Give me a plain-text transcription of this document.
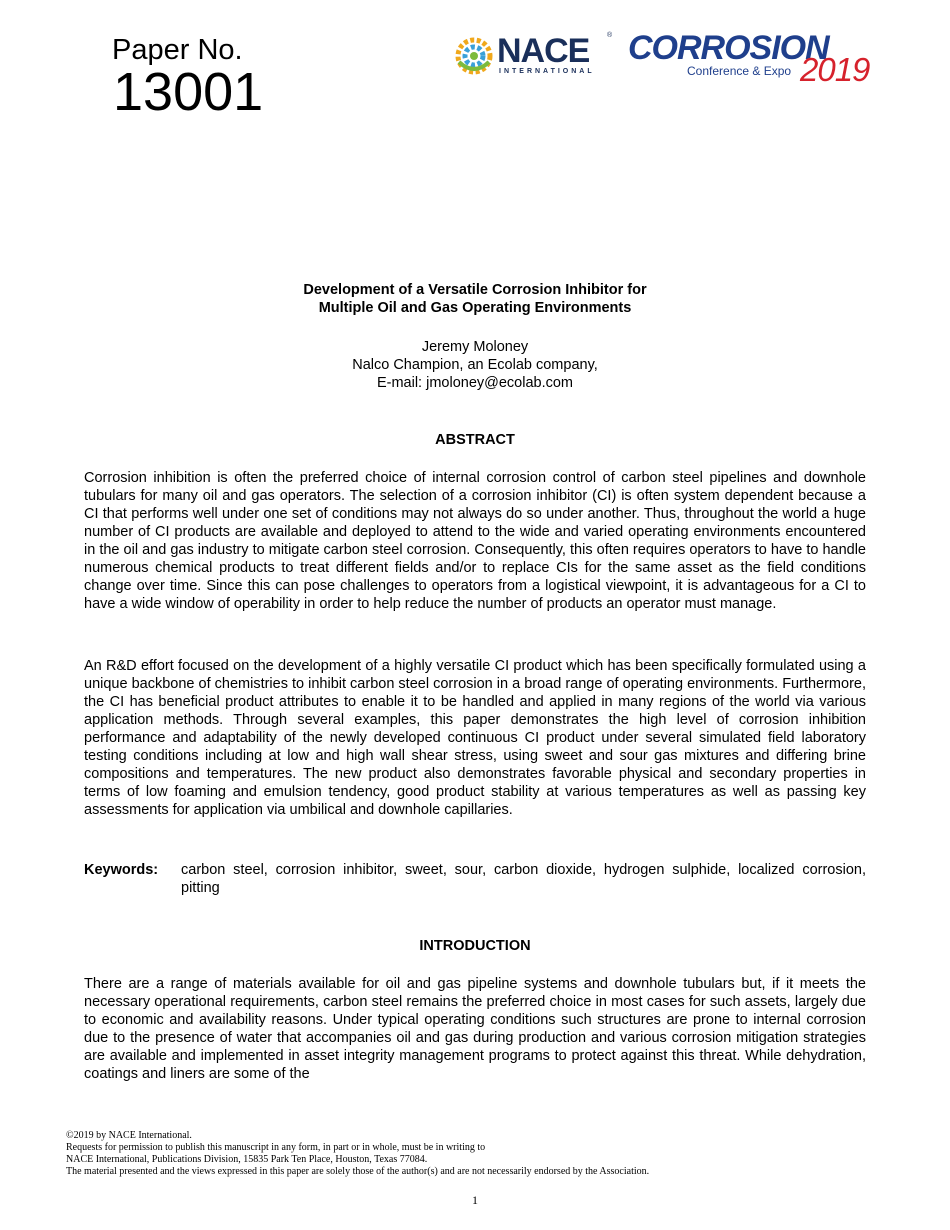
Paper No.
13001
NACE	®
INTERNATIONAL
CORROSION
Conference & Expo 2019
Development of a Versatile Corrosion Inhibitor for
Multiple Oil and Gas Operating Environments
Jeremy Moloney
Nalco Champion, an Ecolab company,
E-mail: jmoloney@ecolab.com
ABSTRACT
Corrosion inhibition is often the preferred choice of internal corrosion control of carbon steel pipelines and downhole tubulars for many oil and gas operators. The selection of a corrosion inhibitor (CI) is often system dependent because a CI that performs well under one set of conditions may not always do so under another. Thus, throughout the world a huge number of CI products are available and deployed to attend to the wide and varied operating environments encountered in the oil and gas industry to mitigate carbon steel corrosion. Consequently, this often requires operators to have to handle numerous chemical products to treat different fields and/or to replace CIs for the same asset as the field conditions change over time. Since this can pose challenges to operators from a logistical viewpoint, it is advantageous for a CI to have a wide window of operability in order to help reduce the number of products an operator must manage.
An R&D effort focused on the development of a highly versatile CI product which has been specifically formulated using a unique backbone of chemistries to inhibit carbon steel corrosion in a broad range of operating environments. Furthermore, the CI has beneficial product attributes to enable it to be handled and applied in many regions of the world via various application methods. Through several examples, this paper demonstrates the high level of corrosion inhibition performance and adaptability of the newly developed continuous CI product under several simulated field laboratory testing conditions including at low and high wall shear stress, using sweet and sour gas mixtures and differing brine compositions and temperatures. The new product also demonstrates favorable physical and secondary properties in terms of low foaming and emulsion tendency, good product stability at various temperatures as well as passing key assessments for application via umbilical and downhole capillaries.
Keywords: carbon steel, corrosion inhibitor, sweet, sour, carbon dioxide, hydrogen sulphide, localized corrosion, pitting
INTRODUCTION
There are a range of materials available for oil and gas pipeline systems and downhole tubulars but, if it meets the necessary operational requirements, carbon steel remains the preferred choice in most cases for such assets, largely due to economic and availability reasons. Under typical operating conditions such structures are prone to internal corrosion due to the presence of water that accompanies oil and gas during production and various corrosion mitigation strategies are available and implemented in asset integrity management programs to protect against this threat. While dehydration, coatings and liners are some of the
©2019 by NACE International.
Requests for permission to publish this manuscript in any form, in part or in whole, must be in writing to
NACE International, Publications Division, 15835 Park Ten Place, Houston, Texas 77084.
The material presented and the views expressed in this paper are solely those of the author(s) and are not necessarily endorsed by the Association.
1
